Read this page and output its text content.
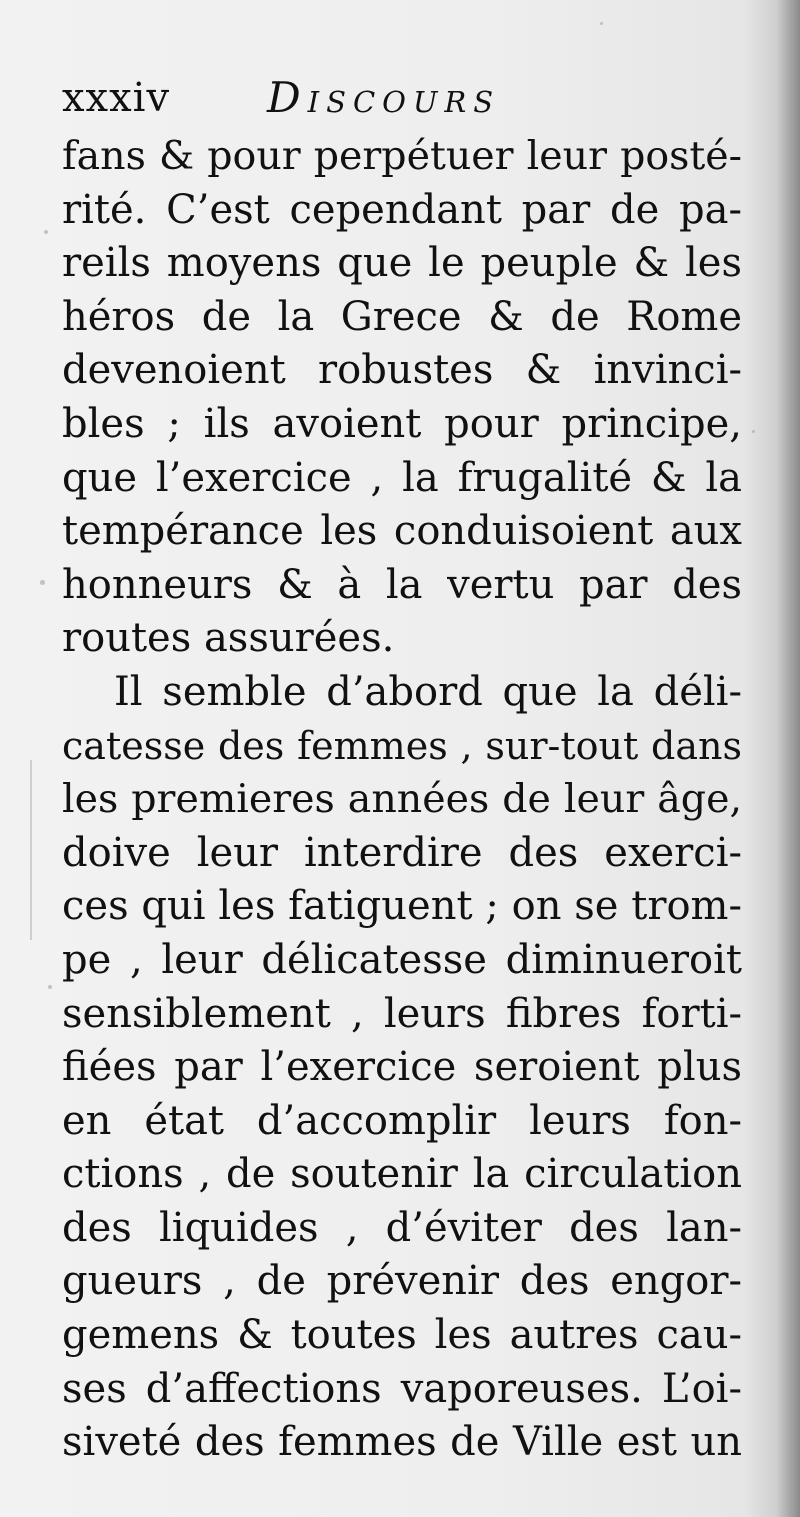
xxxiv Discours
fans & pour perpétuer leur posté-
rité. C’est cependant par de pa-
reils moyens que le peuple & les
héros de la Grece & de Rome
devenoient robustes & invinci-
bles ; ils avoient pour principe,
que l’exercice , la frugalité & la
tempérance les conduisoient aux
honneurs & à la vertu par des
routes assurées.
Il semble d’abord que la déli-
catesse des femmes , sur-tout dans
les premieres années de leur âge,
doive leur interdire des exerci-
ces qui les fatiguent ; on se trom-
pe , leur délicatesse diminueroit
sensiblement , leurs fibres forti-
fiées par l’exercice seroient plus
en état d’accomplir leurs fon-
ctions , de soutenir la circulation
des liquides , d’éviter des lan-
gueurs , de prévenir des engor-
gemens & toutes les autres cau-
ses d’affections vaporeuses. L’oi-
siveté des femmes de Ville est un
